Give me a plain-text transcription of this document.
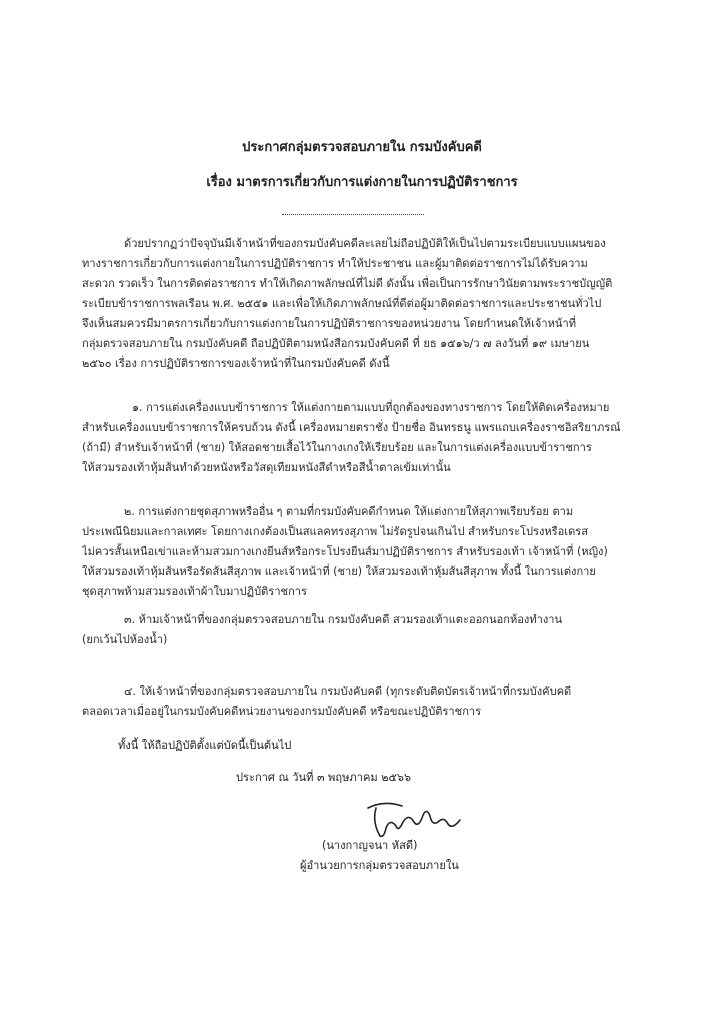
ประกาศกลุ่มตรวจสอบภายใน กรมบังคับคดี
เรื่อง มาตรการเกี่ยวกับการแต่งกายในการปฏิบัติราชการ
ด้วยปรากฏว่าปัจจุบันมีเจ้าหน้าที่ของกรมบังคับคดีละเลยไม่ถือปฏิบัติให้เป็นไปตามระเบียบแบบแผนของ
ทางราชการเกี่ยวกับการแต่งกายในการปฏิบัติราชการ ทำให้ประชาชน และผู้มาติดต่อราชการไม่ได้รับความ
สะดวก รวดเร็ว ในการติดต่อราชการ ทำให้เกิดภาพลักษณ์ที่ไม่ดี ดังนั้น เพื่อเป็นการรักษาวินัยตามพระราชบัญญัติ
ระเบียบข้าราชการพลเรือน พ.ศ. ๒๕๕๑ และเพื่อให้เกิดภาพลักษณ์ที่ดีต่อผู้มาติดต่อราชการและประชาชนทั่วไป
จึงเห็นสมควรมีมาตรการเกี่ยวกับการแต่งกายในการปฏิบัติราชการของหน่วยงาน โดยกำหนดให้เจ้าหน้าที่
กลุ่มตรวจสอบภายใน กรมบังคับคดี ถือปฏิบัติตามหนังสือกรมบังคับคดี ที่ ยธ ๑๕๑๖/ว ๗ ลงวันที่ ๑๙ เมษายน
๒๕๖๐ เรื่อง การปฏิบัติราชการของเจ้าหน้าที่ในกรมบังคับคดี ดังนี้
๑. การแต่งเครื่องแบบข้าราชการ ให้แต่งกายตามแบบที่ถูกต้องของทางราชการ โดยให้ติดเครื่องหมาย
สำหรับเครื่องแบบข้าราชการให้ครบถ้วน ดังนี้ เครื่องหมายตราชั่ง ป้ายชื่อ อินทรธนู แพรแถบเครื่องราชอิสริยาภรณ์
(ถ้ามี) สำหรับเจ้าหน้าที่ (ชาย) ให้สอดชายเสื้อไว้ในกางเกงให้เรียบร้อย และในการแต่งเครื่องแบบข้าราชการ
ให้สวมรองเท้าหุ้มส้นทำด้วยหนังหรือวัสดุเทียมหนังสีดำหรือสีน้ำตาลเข้มเท่านั้น
๒. การแต่งกายชุดสุภาพหรืออื่น ๆ ตามที่กรมบังคับคดีกำหนด ให้แต่งกายให้สุภาพเรียบร้อย ตาม
ประเพณีนิยมและกาลเทศะ โดยกางเกงต้องเป็นสแลคทรงสุภาพ ไม่รัดรูปจนเกินไป สำหรับกระโปรงหรือเดรส
ไม่ควรสั้นเหนือเข่าและห้ามสวมกางเกงยีนส์หรือกระโปรงยีนส์มาปฏิบัติราชการ สำหรับรองเท้า เจ้าหน้าที่ (หญิง)
ให้สวมรองเท้าหุ้มส้นหรือรัดส้นสีสุภาพ และเจ้าหน้าที่ (ชาย) ให้สวมรองเท้าหุ้มส้นสีสุภาพ ทั้งนี้ ในการแต่งกาย
ชุดสุภาพห้ามสวมรองเท้าผ้าใบมาปฏิบัติราชการ
๓. ห้ามเจ้าหน้าที่ของกลุ่มตรวจสอบภายใน กรมบังคับคดี สวมรองเท้าแตะออกนอกห้องทำงาน
(ยกเว้นไปห้องน้ำ)
๔. ให้เจ้าหน้าที่ของกลุ่มตรวจสอบภายใน กรมบังคับคดี (ทุกระดับติดบัตรเจ้าหน้าที่กรมบังคับคดี
ตลอดเวลาเมื่ออยู่ในกรมบังคับคดีหน่วยงานของกรมบังคับคดี หรือขณะปฏิบัติราชการ
ทั้งนี้ ให้ถือปฏิบัติตั้งแต่บัดนี้เป็นต้นไป
ประกาศ ณ วันที่ ๓ พฤษภาคม ๒๕๖๖
(นางกาญจนา หัสดี)
ผู้อำนวยการกลุ่มตรวจสอบภายใน
